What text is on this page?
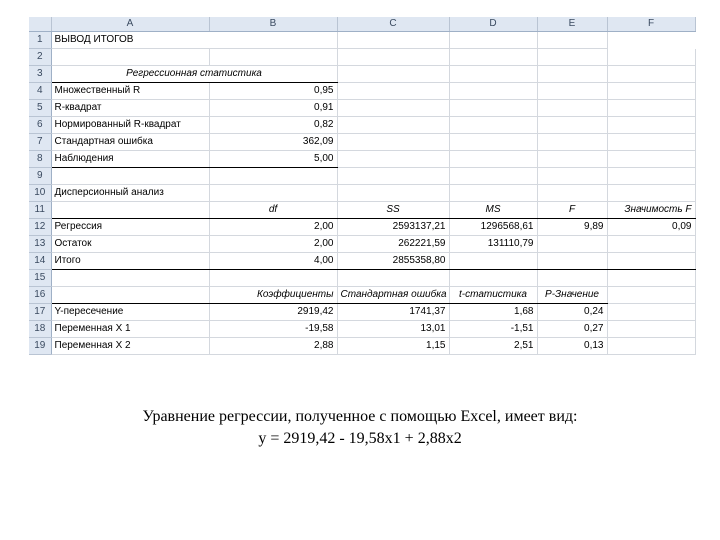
	A	B	C	D	E	F
1	ВЫВОД ИТОГОВ					
2						
3	Регрессионная статистика					
4	Множественный R	0,95				
5	R-квадрат	0,91				
6	Нормированный R-квадрат	0,82				
7	Стандартная ошибка	362,09				
8	Наблюдения	5,00				
9						
10	Дисперсионный анализ					
11		df	SS	MS	F	Значимость F
12	Регрессия	2,00	2593137,21	1296568,61	9,89	0,09
13	Остаток	2,00	262221,59	131110,79		
14	Итого	4,00	2855358,80			
15						
16		Коэффициенты	Стандартная ошибка	t-статистика	P-Значение	
17	Y-пересечение	2919,42	1741,37	1,68	0,24	
18	Переменная X 1	-19,58	13,01	-1,51	0,27	
19	Переменная X 2	2,88	1,15	2,51	0,13	
Уравнение регрессии, полученное с помощью Excel, имеет вид:
y = 2919,42 - 19,58x1 + 2,88x2
